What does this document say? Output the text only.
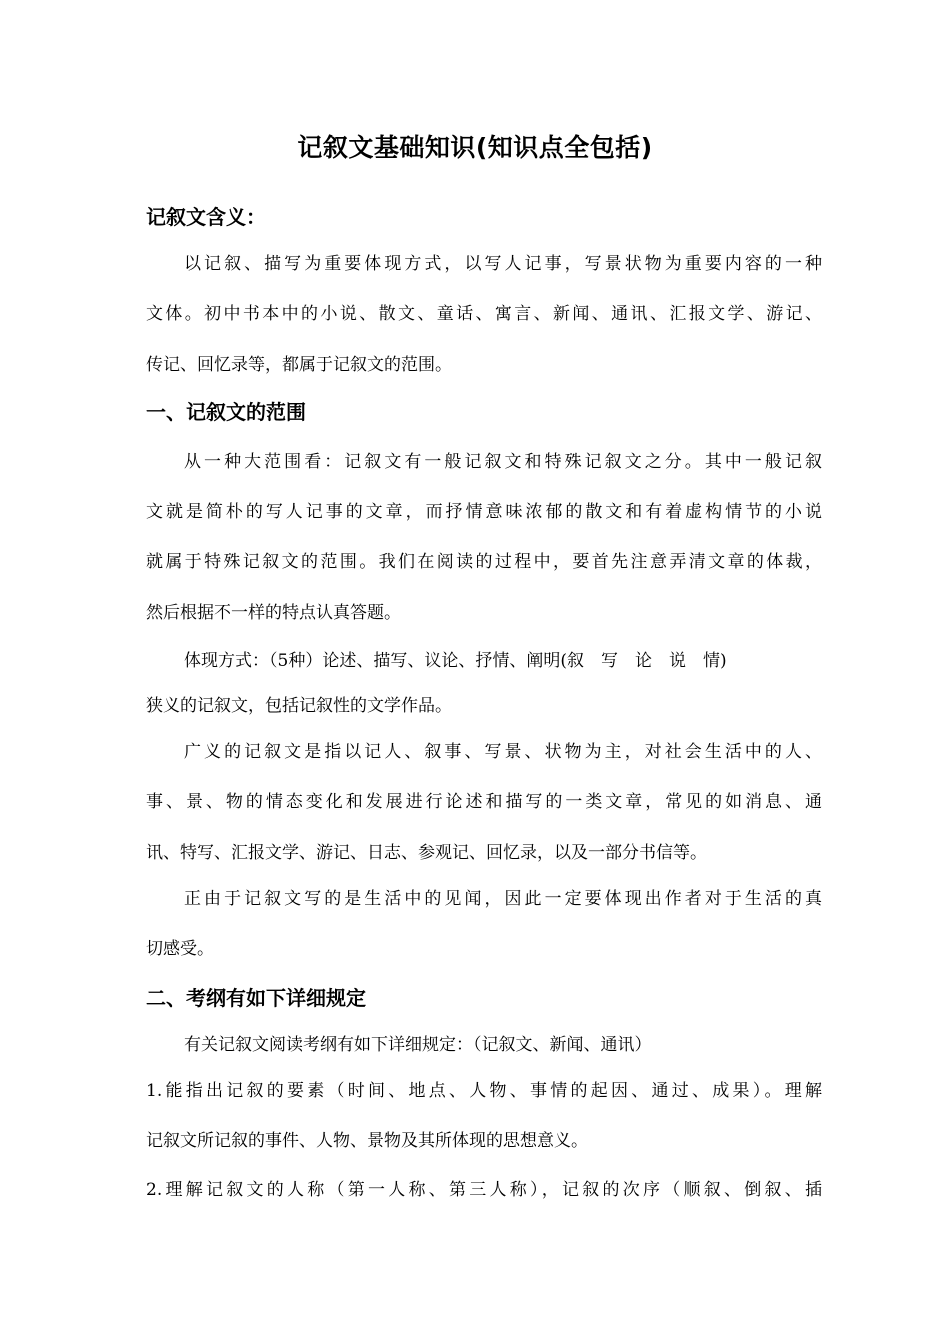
记叙文基础知识(知识点全包括)
记叙文含义：
以记叙、描写为重要体现方式，以写人记事，写景状物为重要内容的一种
文体。初中书本中的小说、散文、童话、寓言、新闻、通讯、汇报文学、游记、
传记、回忆录等，都属于记叙文的范围。
一、记叙文的范围
从一种大范围看：记叙文有一般记叙文和特殊记叙文之分。其中一般记叙
文就是简朴的写人记事的文章，而抒情意味浓郁的散文和有着虚构情节的小说
就属于特殊记叙文的范围。我们在阅读的过程中，要首先注意弄清文章的体裁，
然后根据不一样的特点认真答题。
体现方式：（5种）论述、描写、议论、抒情、阐明(叙　写　论　说　情)
狭义的记叙文，包括记叙性的文学作品。
广义的记叙文是指以记人、叙事、写景、状物为主，对社会生活中的人、
事、景、物的情态变化和发展进行论述和描写的一类文章，常见的如消息、通
讯、特写、汇报文学、游记、日志、参观记、回忆录，以及一部分书信等。
正由于记叙文写的是生活中的见闻，因此一定要体现出作者对于生活的真
切感受。
二、考纲有如下详细规定
有关记叙文阅读考纲有如下详细规定：（记叙文、新闻、通讯）
1.能指出记叙的要素（时间、地点、人物、事情的起因、通过、成果）。理解
记叙文所记叙的事件、人物、景物及其所体现的思想意义。
2.理解记叙文的人称（第一人称、第三人称），记叙的次序（顺叙、倒叙、插
